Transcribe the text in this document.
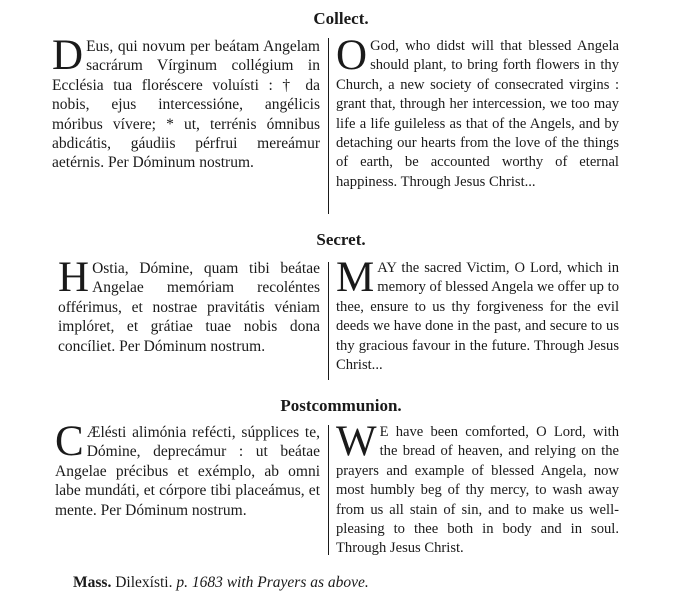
Collect.

D Eus, qui novum per beátam Angelam sacrárum Vírginum collégium in Ecclésia tua floréscere voluísti : † da nobis, ejus intercessióne, angélicis móribus vívere; * ut, terrénis ómnibus abdicátis, gáudiis pérfrui mereámur aetérnis. Per Dóminum nostrum.

O God, who didst will that blessed Angela should plant, to bring forth flowers in thy Church, a new society of consecrated virgins : grant that, through her intercession, we too may life a life guileless as that of the Angels, and by detaching our hearts from the love of the things of earth, be accounted worthy of eternal happiness. Through Jesus Christ...

Secret.

H Ostia, Dómine, quam tibi beátae Angelae memóriam recoléntes offérimus, et nostrae pravitátis véniam implóret, et grátiae tuae nobis dona concíliet. Per Dóminum nostrum.

MAY the sacred Victim, O Lord, which in memory of blessed Angela we offer up to thee, ensure to us thy forgiveness for the evil deeds we have done in the past, and secure to us thy gracious favour in the future. Through Jesus Christ...

Postcommunion.

C Ælésti alimónia refécti, súpplices te, Dómine, deprecámur : ut beátae Angelae précibus et exémplo, ab omni labe mundáti, et córpore tibi placeámus, et mente. Per Dóminum nostrum.

W E have been comforted, O Lord, with the bread of heaven, and relying on the prayers and example of blessed Angela, now most humbly beg of thy mercy, to wash away from us all stain of sin, and to make us well-pleasing to thee both in body and in soul. Through Jesus Christ.

Mass. Dilexísti. p. 1683 with Prayers as above.
